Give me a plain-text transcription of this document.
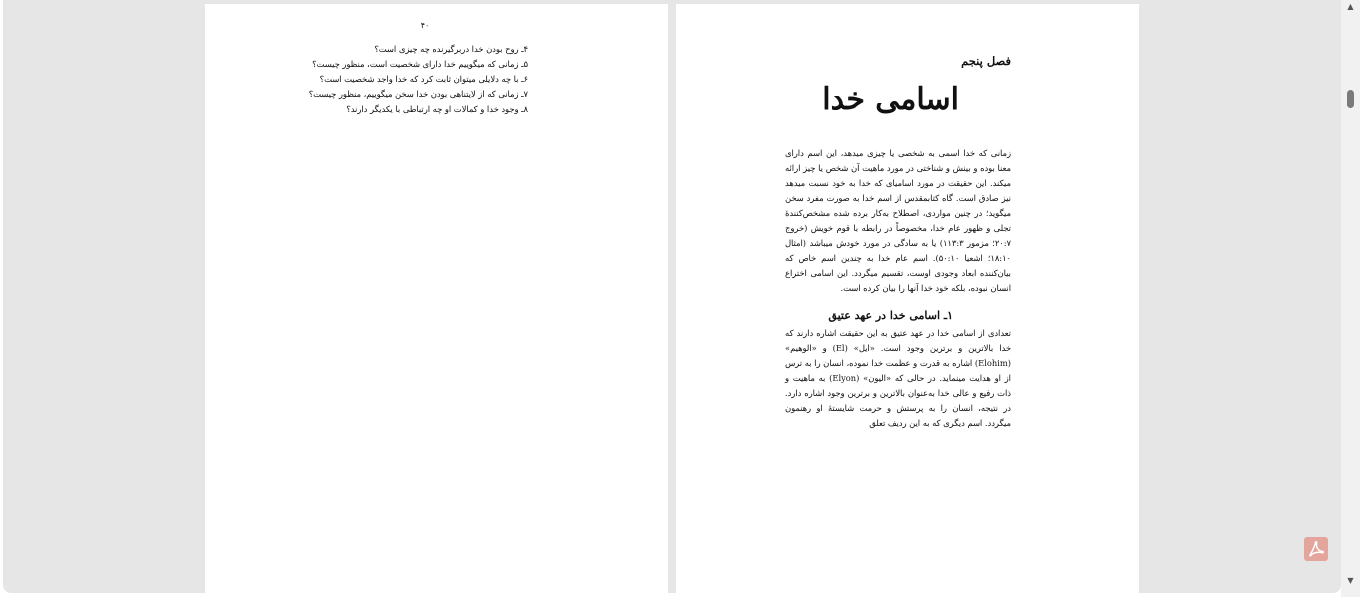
۴۰
۴ـ روح بودن خدا دربرگیرنده چه چیزی است؟
۵ـ زمانی که میگوییم خدا دارای شخصیت است، منظور چیست؟
۶ـ با چه دلایلی میتوان ثابت کرد که خدا واجد شخصیت است؟
۷ـ زمانی که از لایتناهی بودن خدا سخن میگوییم، منظور چیست؟
۸ـ وجود خدا و کمالات او چه ارتباطی با یکدیگر دارند؟
فصل پنجم
اسامی خدا
زمانی که خدا اسمی به شخصی یا چیزی میدهد، این اسم دارای معنا بوده و بینش و شناختی در مورد ماهیت آن شخص یا چیز ارائه میکند. این حقیقت در مورد اسامیای که خدا به خود نسبت میدهد نیز صادق است. گاه کتابمقدس از اسم خدا به صورت مفرد سخن میگوید؛ در چنین مواردی، اصطلاح به‌کار برده شده مشخص‌کنندۀ تجلی و ظهور عام خدا، مخصوصاً در رابطه با قوم خویش (خروج ۲۰:۷؛ مزمور ۱۱۳:۳) یا به سادگی در مورد خودش میباشد (امثال ۱۸:۱۰؛ اشعیا ۵۰:۱۰). اسم عام خدا به چندین اسم خاص که بیان‌کننده ابعاد وجودی اوست، تقسیم میگردد. این اسامی اختراع انسان نبوده، بلکه خود خدا آنها را بیان کرده است.
۱ـ اسامی خدا در عهد عتیق
تعدادی از اسامی خدا در عهد عتیق به این حقیقت اشاره دارند که خدا بالاترین و برترین وجود است. «ایل» (El) و «الوهیم» (Elohim) اشاره به قدرت و عظمت خدا نموده، انسان را به ترس از او هدایت مینماید. در حالی که «الیون» (Elyon) به ماهیت و ذات رفیع و عالی خدا به‌عنوان بالاترین و برترین وجود اشاره دارد. در نتیجه، انسان را به پرستش و حرمت شایستۀ او رهنمون میگردد. اسم دیگری که به این ردیف تعلق
▲
▼
